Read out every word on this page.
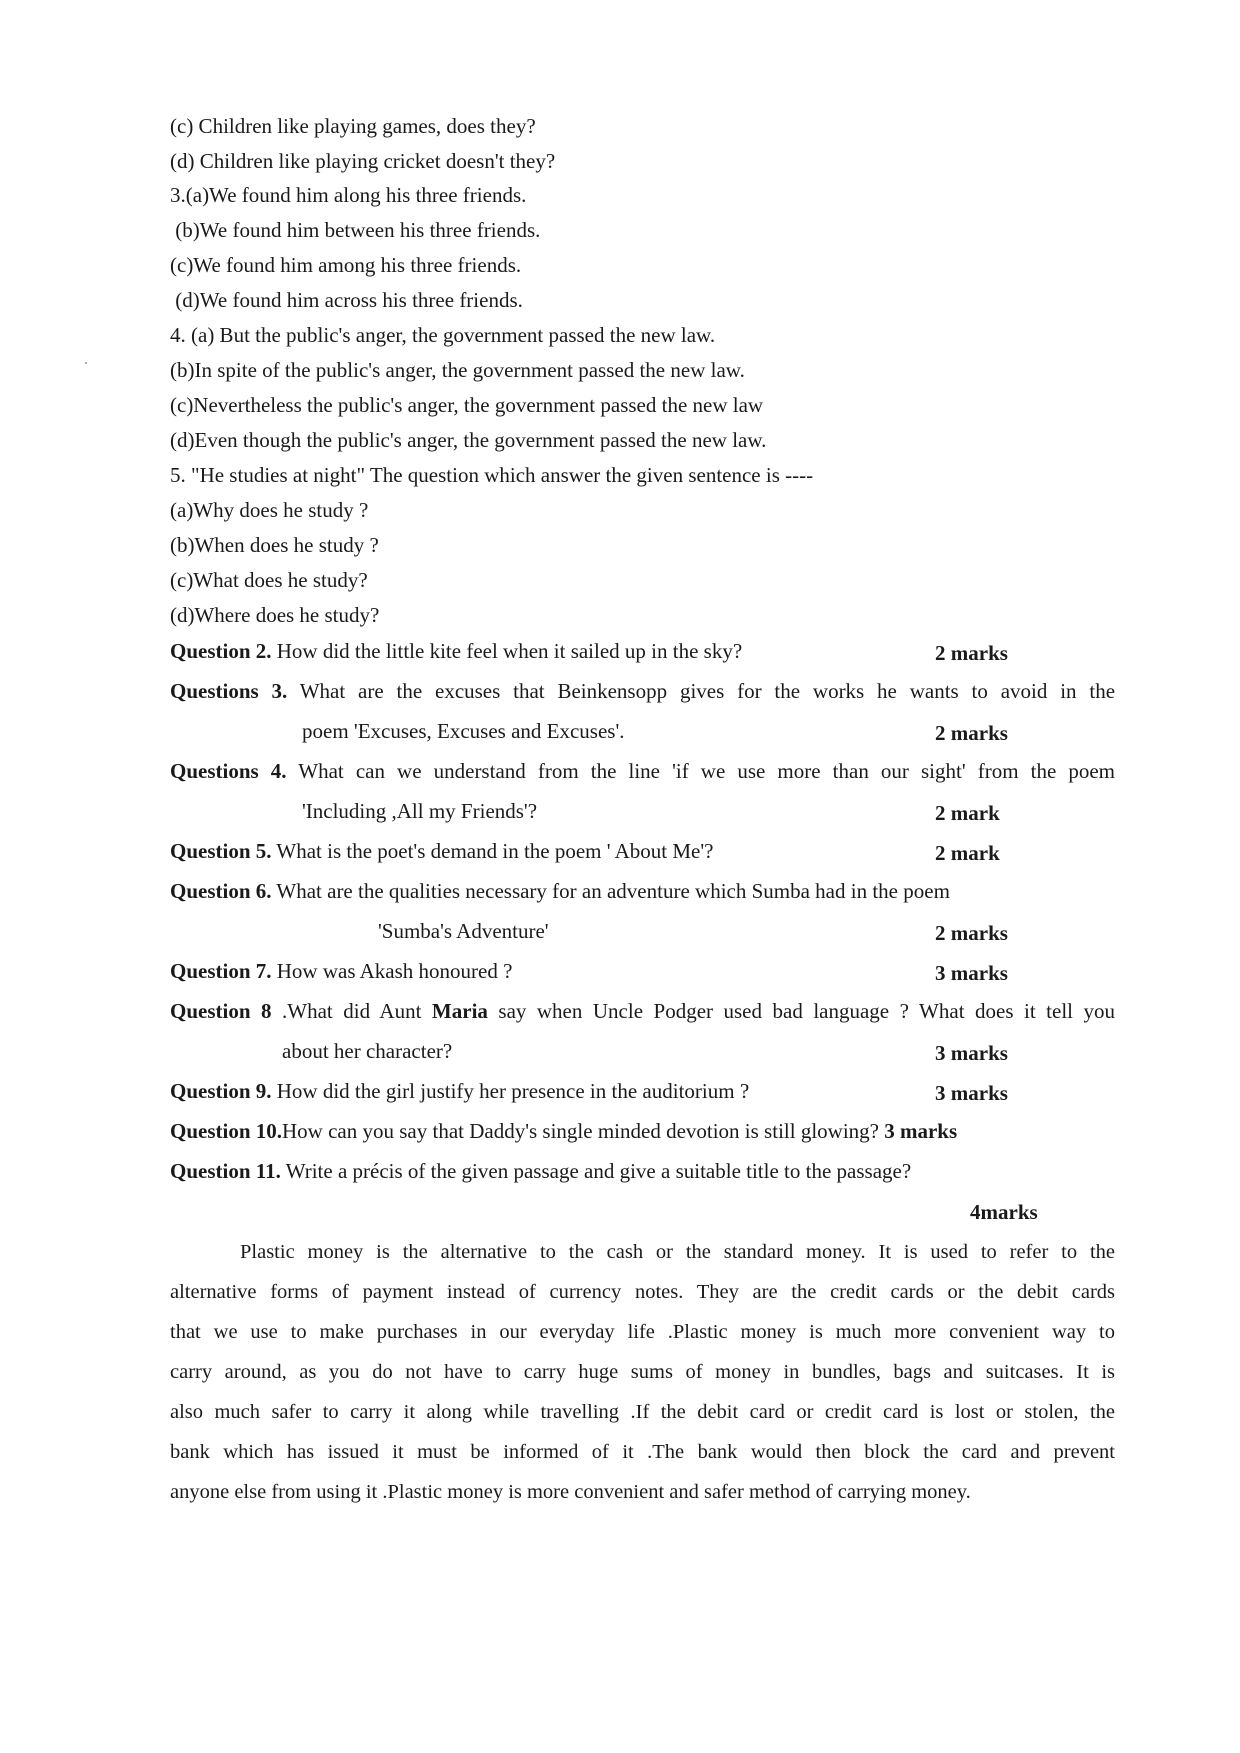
(c) Children like playing games, does they?
(d) Children like playing cricket doesn't they?
3.(a)We found him along his three friends.
(b)We found him between his three friends.
(c)We found him among his three friends.
(d)We found him across his three friends.
4. (a) But the public's anger, the government passed the new law.
(b)In spite of the public's anger, the government passed the new law.
(c)Nevertheless the public's anger, the government passed the new law
(d)Even though the public's anger, the government passed the new law.
5. "He studies at night" The question which answer the given sentence is ----
(a)Why does he study ?
(b)When does he study ?
(c)What does he study?
(d)Where does he study?
Question 2. How did the little kite feel when it sailed up in the sky?	2 marks
Questions 3. What are the excuses that Beinkensopp gives for the works he wants to avoid in the
poem 'Excuses, Excuses and Excuses'.	2 marks
Questions 4. What can we understand from the line 'if we use more than our sight' from the poem
'Including ,All my Friends'?	2 mark
Question 5. What is the poet's demand in the poem ' About Me'?	2 mark
Question 6. What are the qualities necessary for an adventure which Sumba had in the poem
'Sumba's Adventure'	2 marks
Question 7. How was Akash honoured ?	3 marks
Question 8 .What did Aunt Maria say when Uncle Podger used bad language ? What does it tell you
about her character?	3 marks
Question 9. How did the girl justify her presence in the auditorium ?	3 marks
Question 10.How can you say that Daddy's single minded devotion is still glowing? 3 marks
Question 11. Write a précis of the given passage and give a suitable title to the passage?
4marks
Plastic money is the alternative to the cash or the standard money. It is used to refer to the
alternative forms of payment instead of currency notes. They are the credit cards or the debit cards
that we use to make purchases in our everyday life .Plastic money is much more convenient way to
carry around, as you do not have to carry huge sums of money in bundles, bags and suitcases. It is
also much safer to carry it along while travelling .If the debit card or credit card is lost or stolen, the
bank which has issued it must be informed of it .The bank would then block the card and prevent
anyone else from using it .Plastic money is more convenient and safer method of carrying money.
